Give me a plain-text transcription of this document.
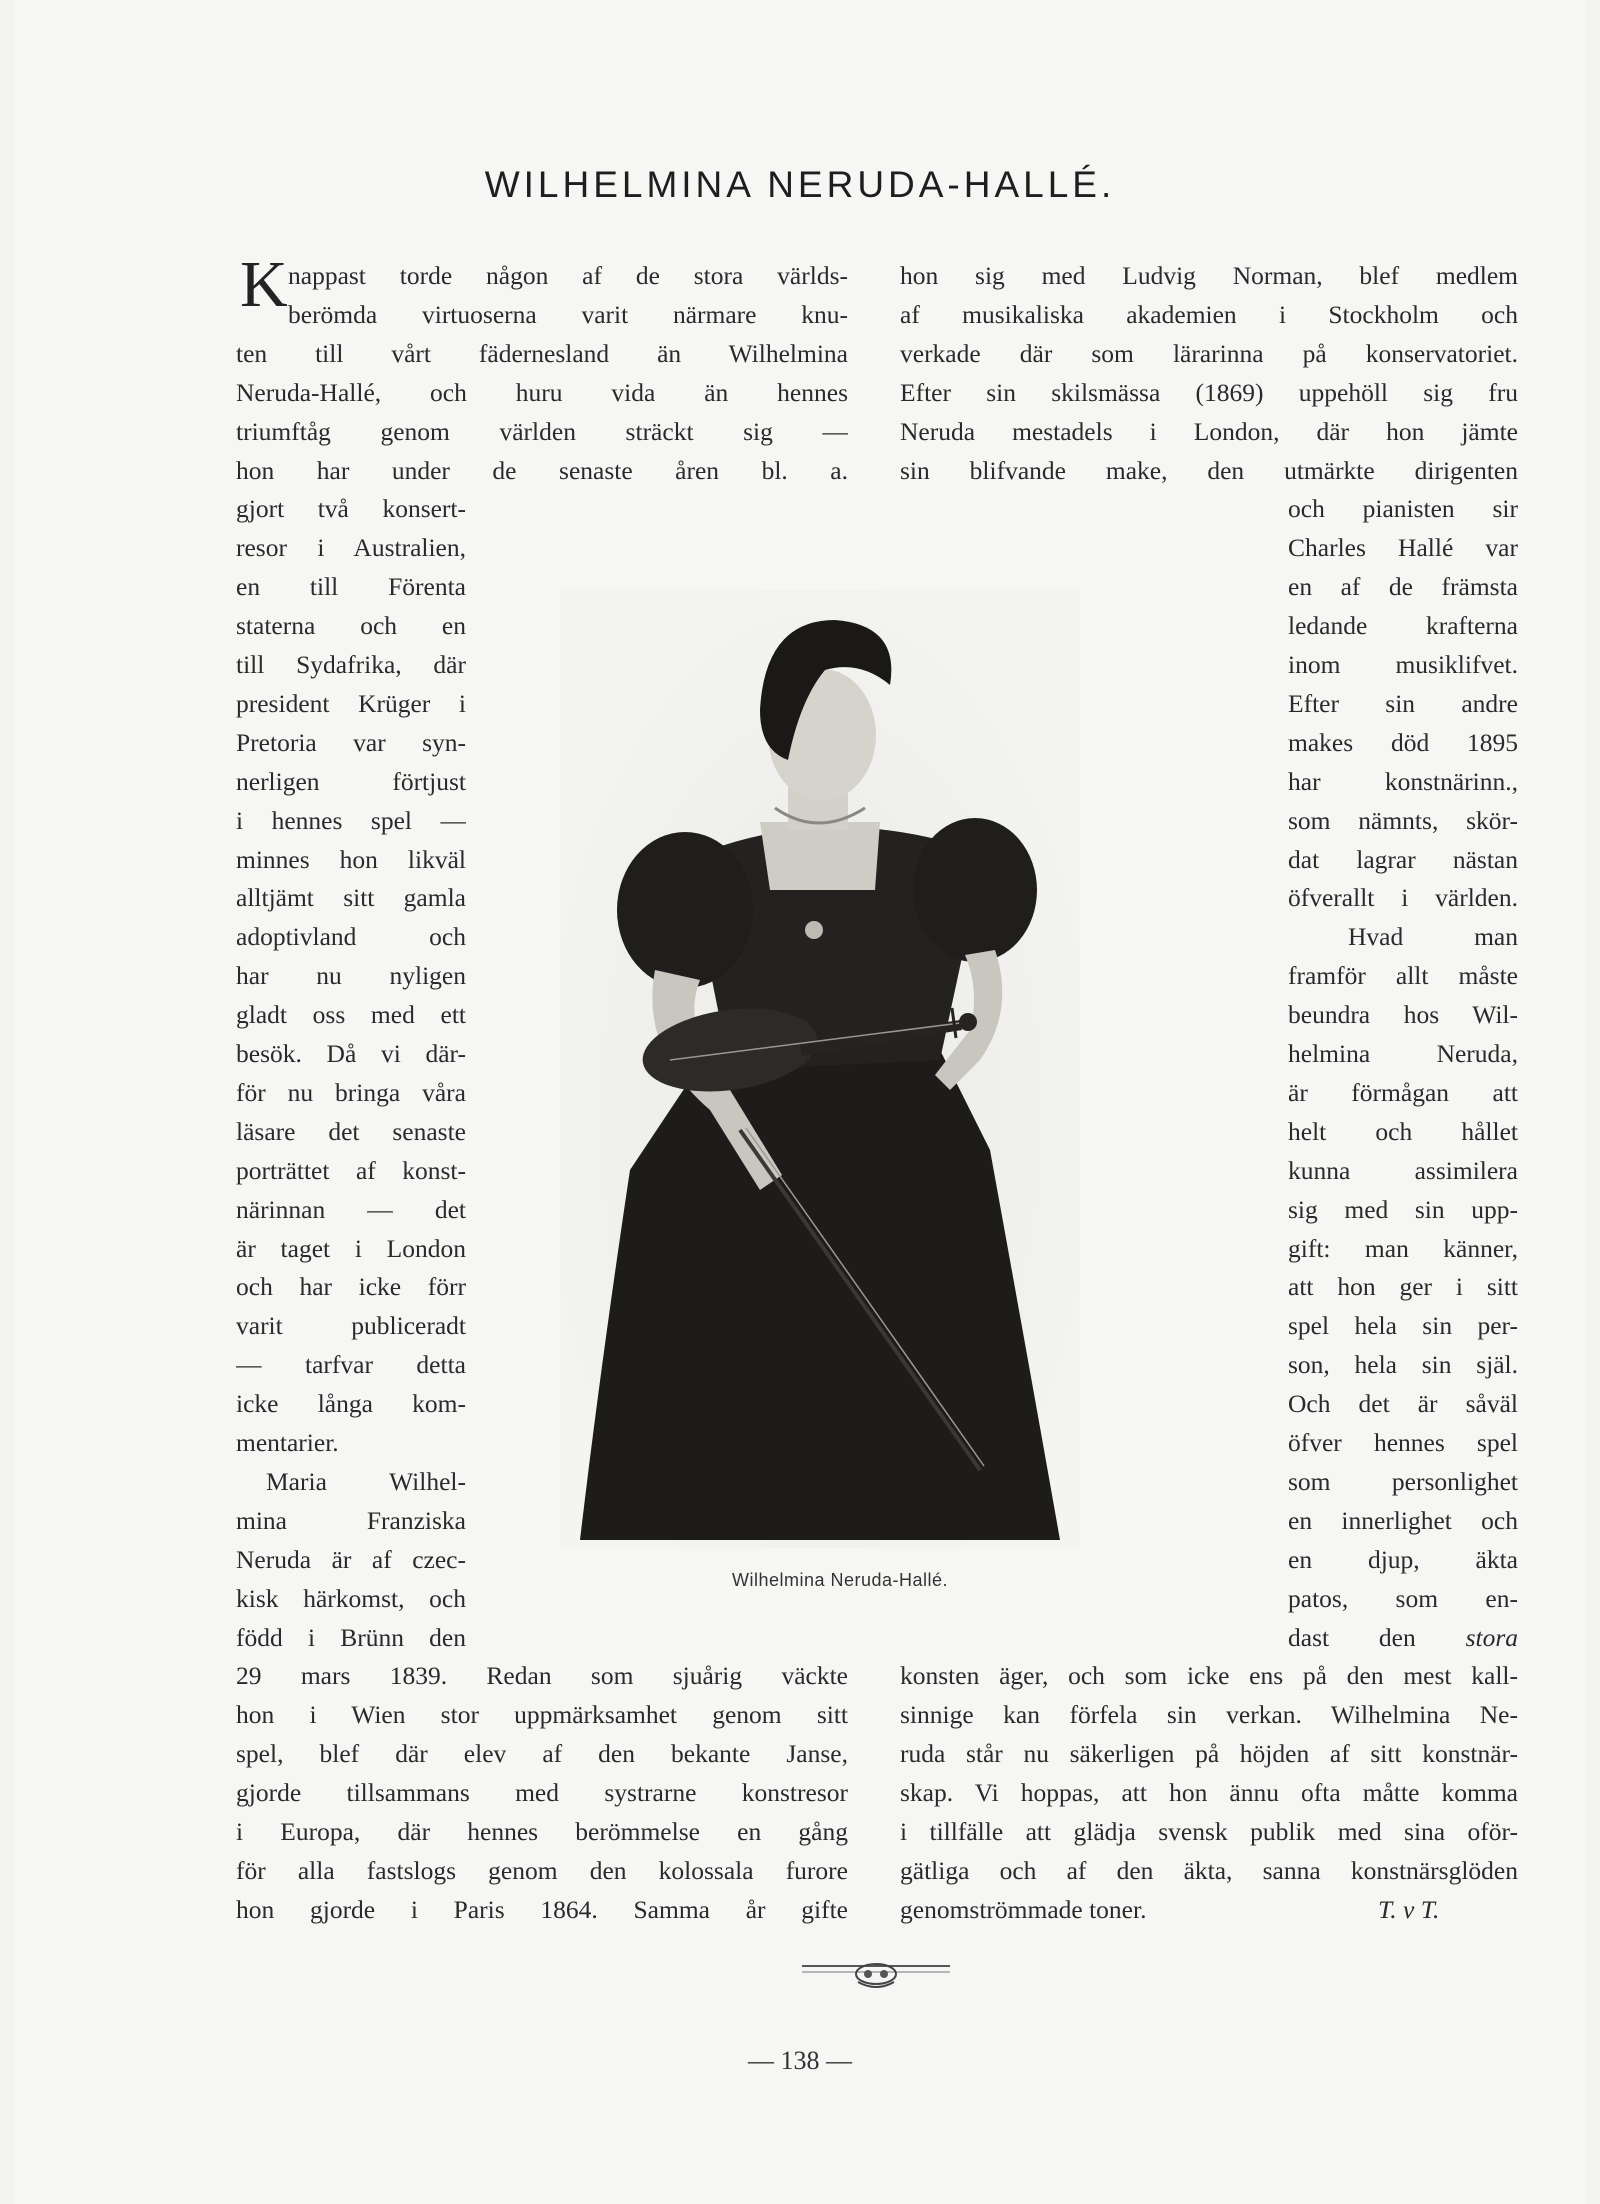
WILHELMINA NERUDA-HALLÉ.
K nappast torde någon af de stora världs-
berömda virtuoserna varit närmare knu-
ten till vårt fädernesland än Wilhelmina
Neruda-Hallé, och huru vida än hennes
triumftåg genom världen sträckt sig —
hon har under de senaste åren bl. a.
gjort två konsert-
resor i Australien,
en till Förenta
staterna och en
till Sydafrika, där
president Krüger i
Pretoria var syn-
nerligen förtjust
i hennes spel —
minnes hon likväl
alltjämt sitt gamla
adoptivland och
har nu nyligen
gladt oss med ett
besök. Då vi där-
för nu bringa våra
läsare det senaste
porträttet af konst-
närinnan — det
är taget i London
och har icke förr
varit publiceradt
— tarfvar detta
icke långa kom-
mentarier.
Maria Wilhel-
mina Franziska
Neruda är af czec-
kisk härkomst, och
född i Brünn den
29 mars 1839. Redan som sjuårig väckte
hon i Wien stor uppmärksamhet genom sitt
spel, blef där elev af den bekante Janse,
gjorde tillsammans med systrarne konstresor
i Europa, där hennes berömmelse en gång
för alla fastslogs genom den kolossala furore
hon gjorde i Paris 1864. Samma år gifte
hon sig med Ludvig Norman, blef medlem
af musikaliska akademien i Stockholm och
verkade där som lärarinna på konservatoriet.
Efter sin skilsmässa (1869) uppehöll sig fru
Neruda mestadels i London, där hon jämte
sin blifvande make, den utmärkte dirigenten
och pianisten sir
Charles Hallé var
en af de främsta
ledande krafterna
inom musiklifvet.
Efter sin andre
makes död 1895
har konstnärinn.,
som nämnts, skör-
dat lagrar nästan
öfverallt i världen.
Hvad man
framför allt måste
beundra hos Wil-
helmina Neruda,
är förmågan att
helt och hållet
kunna assimilera
sig med sin upp-
gift: man känner,
att hon ger i sitt
spel hela sin per-
son, hela sin själ.
Och det är såväl
öfver hennes spel
som personlighet
en innerlighet och
en djup, äkta
patos, som en-
dast den stora
konsten äger, och som icke ens på den mest kall-
sinnige kan förfela sin verkan. Wilhelmina Ne-
ruda står nu säkerligen på höjden af sitt konstnär-
skap. Vi hoppas, att hon ännu ofta måtte komma
i tillfälle att glädja svensk publik med sina oför-
gätliga och af den äkta, sanna konstnärsglöden
genomströmmade toner.	T. v T.
Wilhelmina Neruda-Hallé.
— 138 —
